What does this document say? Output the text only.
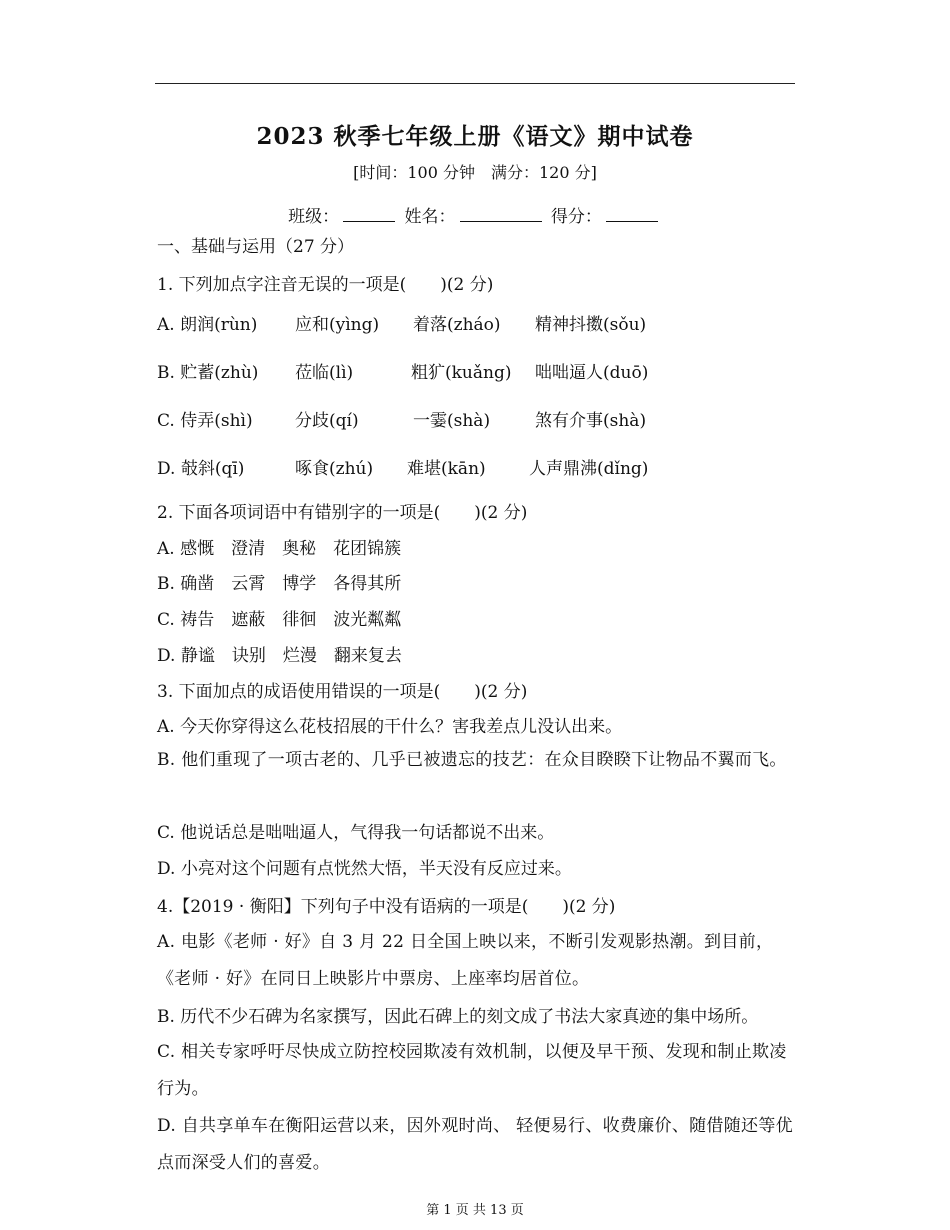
2023 秋季七年级上册《语文》期中试卷
[时间：100 分钟　满分：120 分]
班级：	姓名：	得分：
一、基础与运用（27 分）
1. 下列加点字注音无误的一项是(　　)(2 分)
A. 朗润(rùn) 应和(yìng) 着落(zháo) 精神抖擞(sǒu)
B. 贮蓄(zhù) 莅临(lì)	粗犷(kuǎng) 咄咄逼人(duō)
C. 侍弄(shì) 分歧(qí)	一霎(shà)	煞有介事(shà)
D. 攲斜(qī)	啄食(zhú) 难堪(kān)	人声鼎沸(dǐng)
2. 下面各项词语中有错别字的一项是(　　)(2 分)
A. 感慨　澄清　奥秘　花团锦簇
B. 确凿　云霄　博学　各得其所
C. 祷告　遮蔽　徘徊　波光粼粼
D. 静谧　诀别　烂漫　翻来复去
3. 下面加点的成语使用错误的一项是(　　)(2 分)
A. 今天你穿得这么花枝招展的干什么？害我差点儿没认出来。
B. 他们重现了一项古老的、几乎已被遗忘的技艺：在众目睽睽下让物品不翼而飞。
C. 他说话总是咄咄逼人，气得我一句话都说不出来。
D. 小亮对这个问题有点恍然大悟，半天没有反应过来。
4.【2019 · 衡阳】下列句子中没有语病的一项是(　　)(2 分)
A. 电影《老师 · 好》自 3 月 22 日全国上映以来，不断引发观影热潮。到目前，《老师 · 好》在同日上映影片中票房、上座率均居首位。
B. 历代不少石碑为名家撰写，因此石碑上的刻文成了书法大家真迹的集中场所。
C. 相关专家呼吁尽快成立防控校园欺凌有效机制，以便及早干预、发现和制止欺凌行为。
D. 自共享单车在衡阳运营以来，因外观时尚、 轻便易行、收费廉价、随借随还等优点而深受人们的喜爱。
第 1 页 共 13 页
